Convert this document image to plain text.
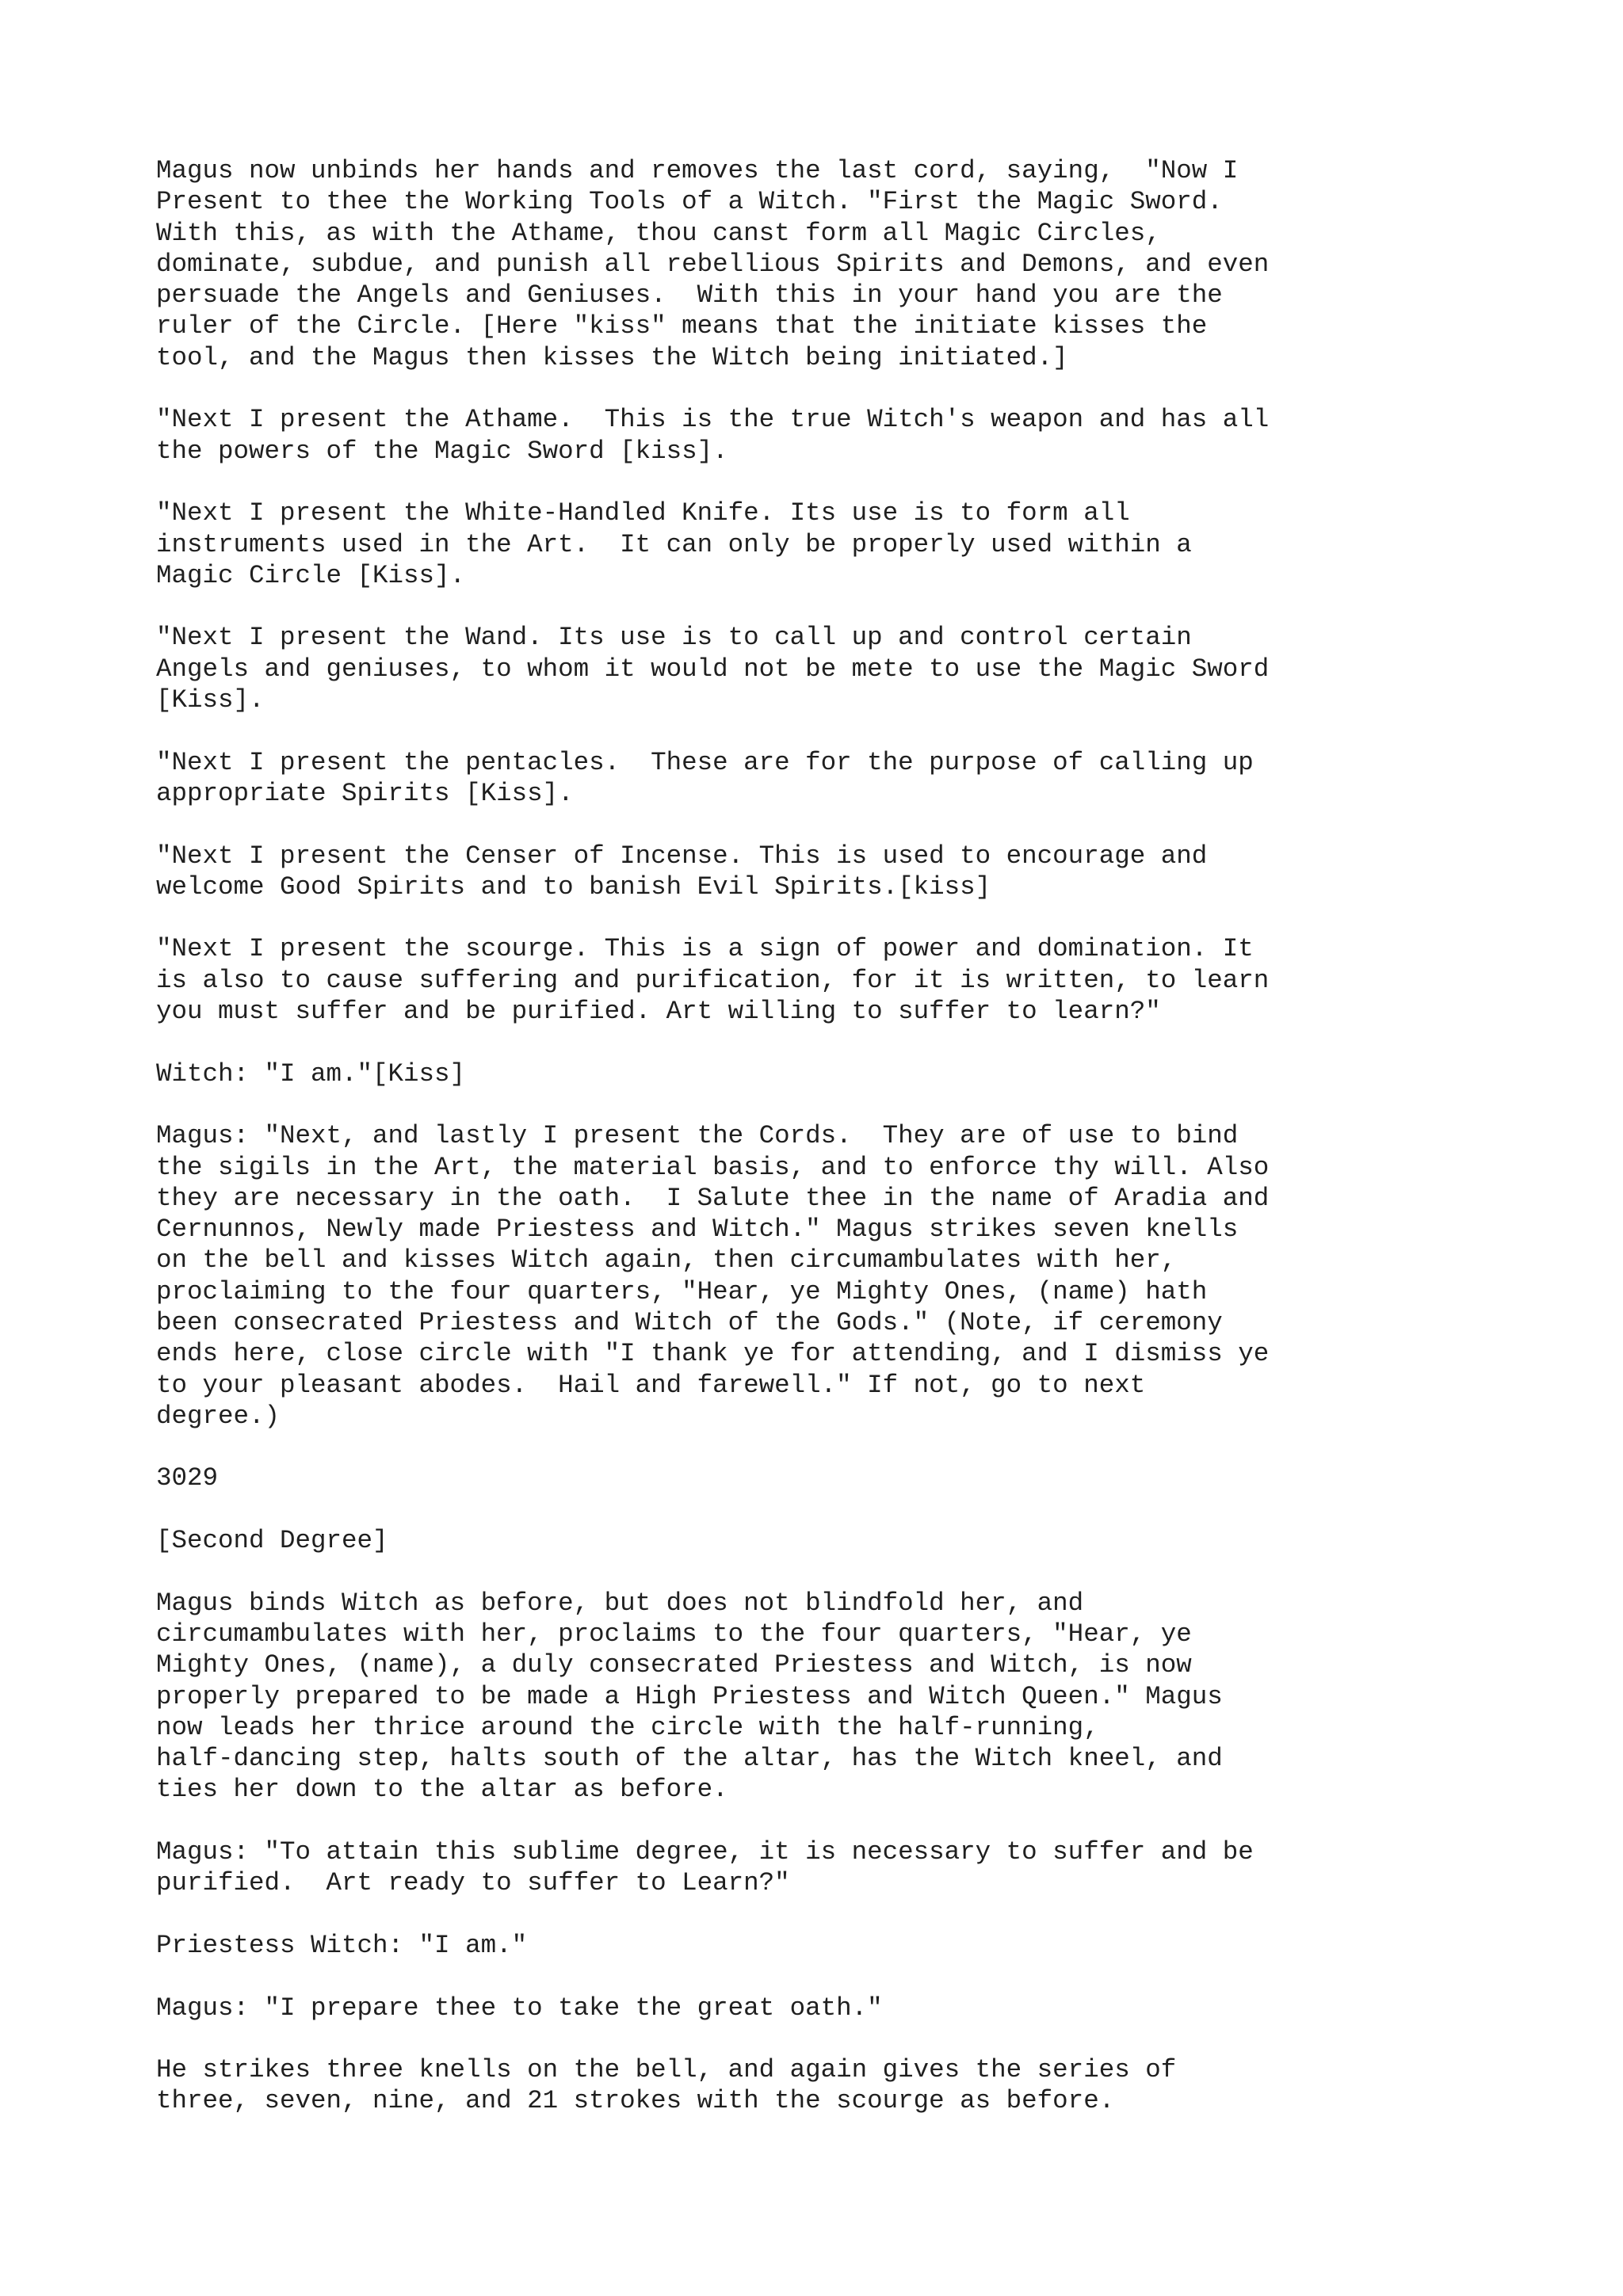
Magus now unbinds her hands and removes the last cord, saying,  "Now I
Present to thee the Working Tools of a Witch. "First the Magic Sword.
With this, as with the Athame, thou canst form all Magic Circles,
dominate, subdue, and punish all rebellious Spirits and Demons, and even
persuade the Angels and Geniuses.  With this in your hand you are the
ruler of the Circle. [Here "kiss" means that the initiate kisses the
tool, and the Magus then kisses the Witch being initiated.]

"Next I present the Athame.  This is the true Witch's weapon and has all
the powers of the Magic Sword [kiss].

"Next I present the White-Handled Knife. Its use is to form all
instruments used in the Art.  It can only be properly used within a
Magic Circle [Kiss].

"Next I present the Wand. Its use is to call up and control certain
Angels and geniuses, to whom it would not be mete to use the Magic Sword
[Kiss].

"Next I present the pentacles.  These are for the purpose of calling up
appropriate Spirits [Kiss].

"Next I present the Censer of Incense. This is used to encourage and
welcome Good Spirits and to banish Evil Spirits.[kiss]

"Next I present the scourge. This is a sign of power and domination. It
is also to cause suffering and purification, for it is written, to learn
you must suffer and be purified. Art willing to suffer to learn?"

Witch: "I am."[Kiss]

Magus: "Next, and lastly I present the Cords.  They are of use to bind
the sigils in the Art, the material basis, and to enforce thy will. Also
they are necessary in the oath.  I Salute thee in the name of Aradia and
Cernunnos, Newly made Priestess and Witch." Magus strikes seven knells
on the bell and kisses Witch again, then circumambulates with her,
proclaiming to the four quarters, "Hear, ye Mighty Ones, (name) hath
been consecrated Priestess and Witch of the Gods." (Note, if ceremony
ends here, close circle with "I thank ye for attending, and I dismiss ye
to your pleasant abodes.  Hail and farewell." If not, go to next
degree.)

3029

[Second Degree]

Magus binds Witch as before, but does not blindfold her, and
circumambulates with her, proclaims to the four quarters, "Hear, ye
Mighty Ones, (name), a duly consecrated Priestess and Witch, is now
properly prepared to be made a High Priestess and Witch Queen." Magus
now leads her thrice around the circle with the half-running,
half-dancing step, halts south of the altar, has the Witch kneel, and
ties her down to the altar as before.

Magus: "To attain this sublime degree, it is necessary to suffer and be
purified.  Art ready to suffer to Learn?"

Priestess Witch: "I am."

Magus: "I prepare thee to take the great oath."

He strikes three knells on the bell, and again gives the series of
three, seven, nine, and 21 strokes with the scourge as before.
